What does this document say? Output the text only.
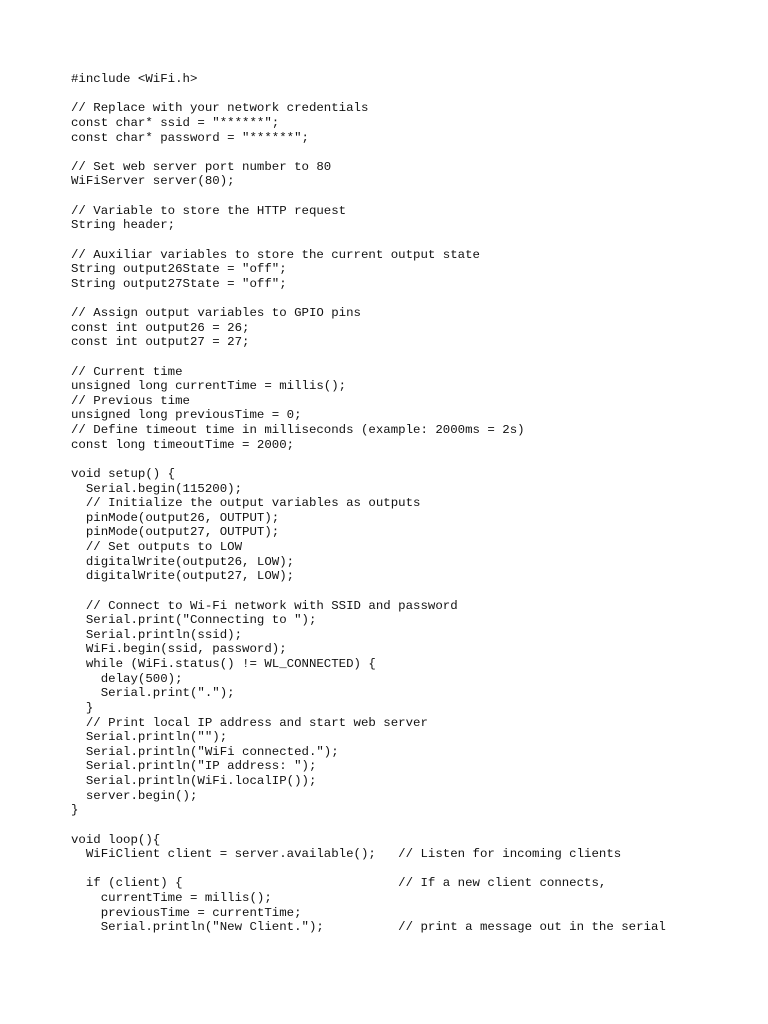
#include <WiFi.h>
// Replace with your network credentials
const char* ssid = "******";
const char* password = "******";
// Set web server port number to 80
WiFiServer server(80);
// Variable to store the HTTP request
String header;
// Auxiliar variables to store the current output state
String output26State = "off";
String output27State = "off";
// Assign output variables to GPIO pins
const int output26 = 26;
const int output27 = 27;
// Current time
unsigned long currentTime = millis();
// Previous time
unsigned long previousTime = 0;
// Define timeout time in milliseconds (example: 2000ms = 2s)
const long timeoutTime = 2000;
void setup() {
Serial.begin(115200);
// Initialize the output variables as outputs
pinMode(output26, OUTPUT);
pinMode(output27, OUTPUT);
// Set outputs to LOW
digitalWrite(output26, LOW);
digitalWrite(output27, LOW);
// Connect to Wi-Fi network with SSID and password
Serial.print("Connecting to ");
Serial.println(ssid);
WiFi.begin(ssid, password);
while (WiFi.status() != WL_CONNECTED) {
delay(500);
Serial.print(".");
}
// Print local IP address and start web server
Serial.println("");
Serial.println("WiFi connected.");
Serial.println("IP address: ");
Serial.println(WiFi.localIP());
server.begin();
}
void loop(){
WiFiClient client = server.available();   // Listen for incoming clients
if (client) {                             // If a new client connects,
currentTime = millis();
previousTime = currentTime;
Serial.println("New Client.");          // print a message out in the serial
